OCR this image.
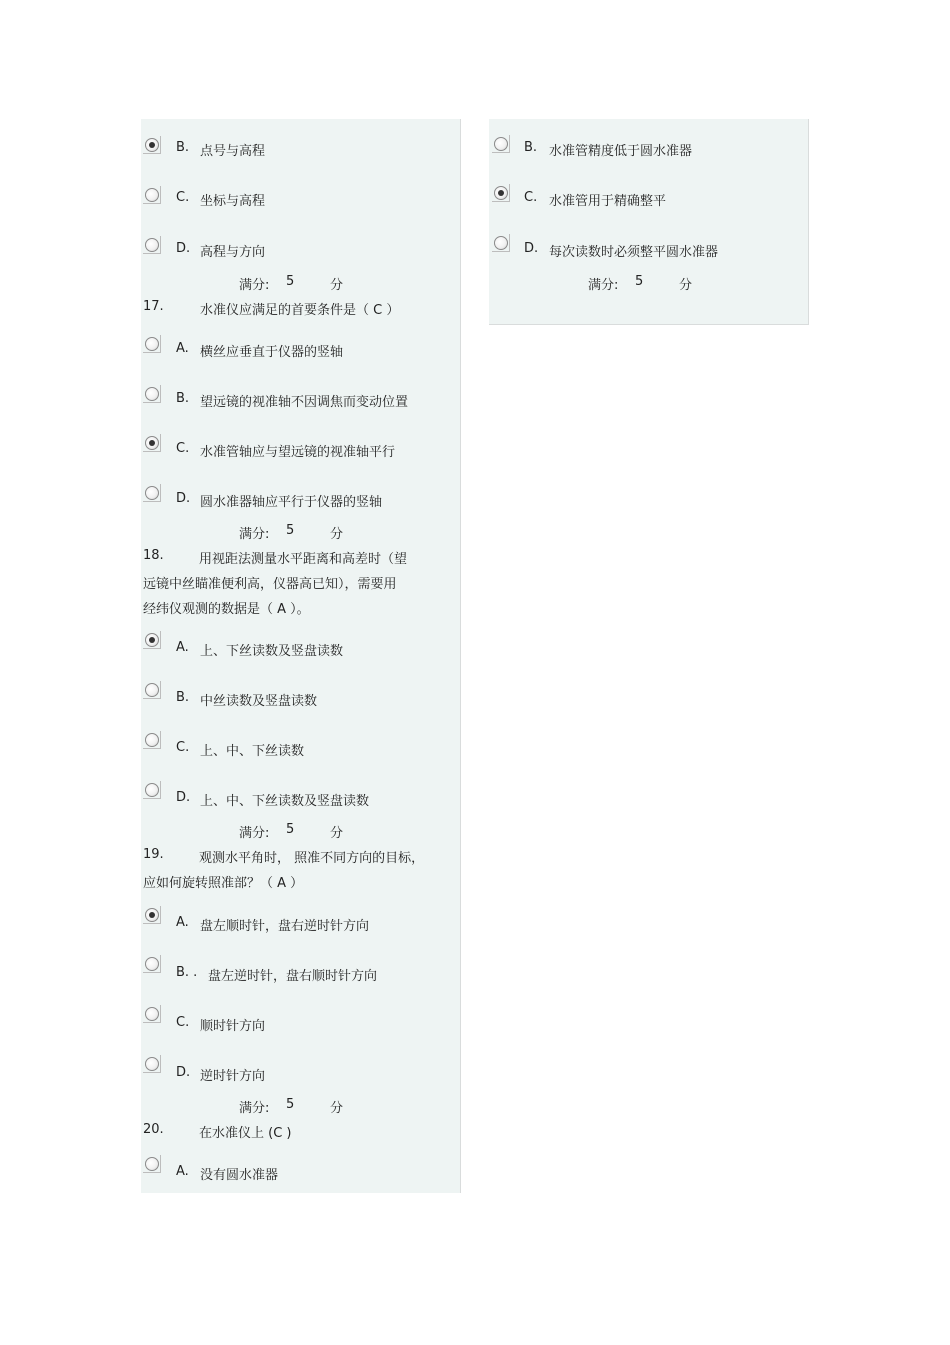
B. 点号与高程
C. 坐标与高程
D. 高程与方向
满分: 5	分
17.	水准仪应满足的首要条件是（ C ）
A. 横丝应垂直于仪器的竖轴
B. 望远镜的视准轴不因调焦而变动位置
C. 水准管轴应与望远镜的视准轴平行
D. 圆水准器轴应平行于仪器的竖轴
满分: 5	分
18.	用视距法测量水平距离和高差时（望
远镜中丝瞄准便利高，仪器高已知），需要用
经纬仪观测的数据是（ A ）。
A. 上、下丝读数及竖盘读数
B. 中丝读数及竖盘读数
C. 上、中、下丝读数
D. 上、中、下丝读数及竖盘读数
满分: 5	分
19.	观测水平角时， 照准不同方向的目标，
应如何旋转照准部？（ A ）
A. 盘左顺时针，盘右逆时针方向
B. . 盘左逆时针，盘右顺时针方向
C. 顺时针方向
D. 逆时针方向
满分: 5	分
20.	在水准仪上 (C )
A. 没有圆水准器
B. 水准管精度低于圆水准器
C. 水准管用于精确整平
D. 每次读数时必须整平圆水准器
满分: 5	分
